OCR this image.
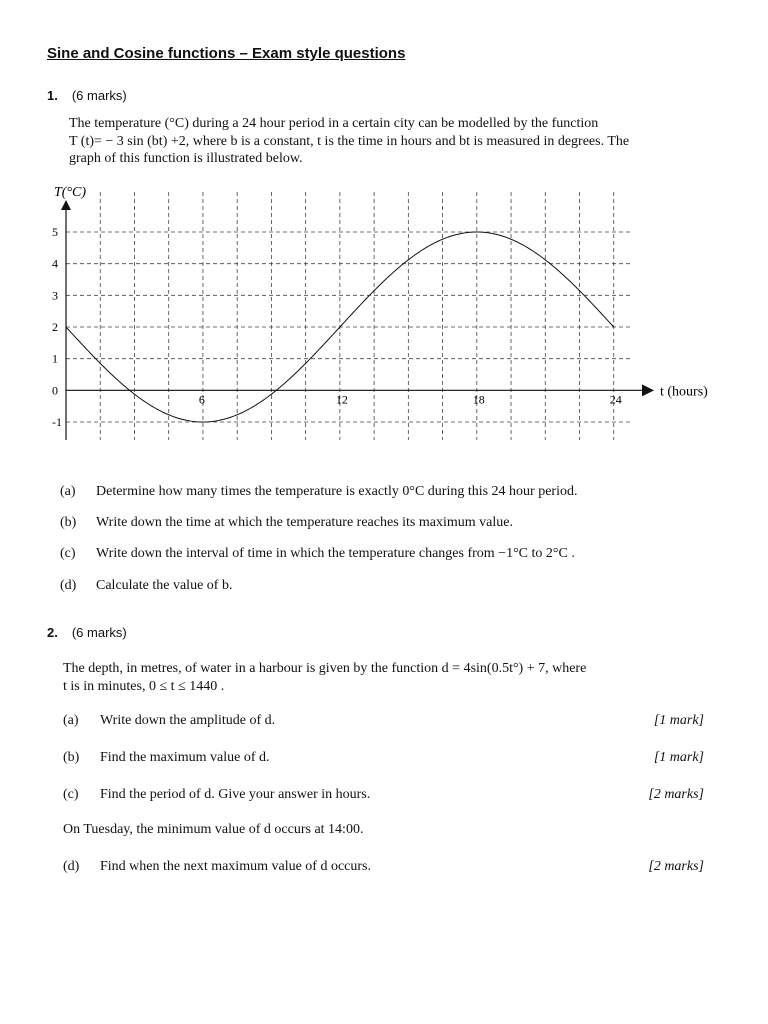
Sine and Cosine functions – Exam style questions
1. (6 marks)
The temperature (°C) during a 24 hour period in a certain city can be modelled by the function
T (t)= − 3 sin (bt) +2, where b is a constant, t is the time in hours and bt is measured in degrees. The
graph of this function is illustrated below.
T(°C)
t (hours)
5
4
3
2
1
0
-1
6	12	18	24
(a) Determine how many times the temperature is exactly 0°C during this 24 hour period.
(b) Write down the time at which the temperature reaches its maximum value.
(c) Write down the interval of time in which the temperature changes from −1°C to 2°C .
(d) Calculate the value of b.
2. (6 marks)
The depth, in metres, of water in a harbour is given by the function d = 4sin(0.5t°) + 7, where
t is in minutes, 0 ≤ t ≤ 1440 .
(a) Write down the amplitude of d.	[1 mark]
(b) Find the maximum value of d.	[1 mark]
(c) Find the period of d. Give your answer in hours.	[2 marks]
On Tuesday, the minimum value of d occurs at 14:00.
(d) Find when the next maximum value of d occurs.	[2 marks]
